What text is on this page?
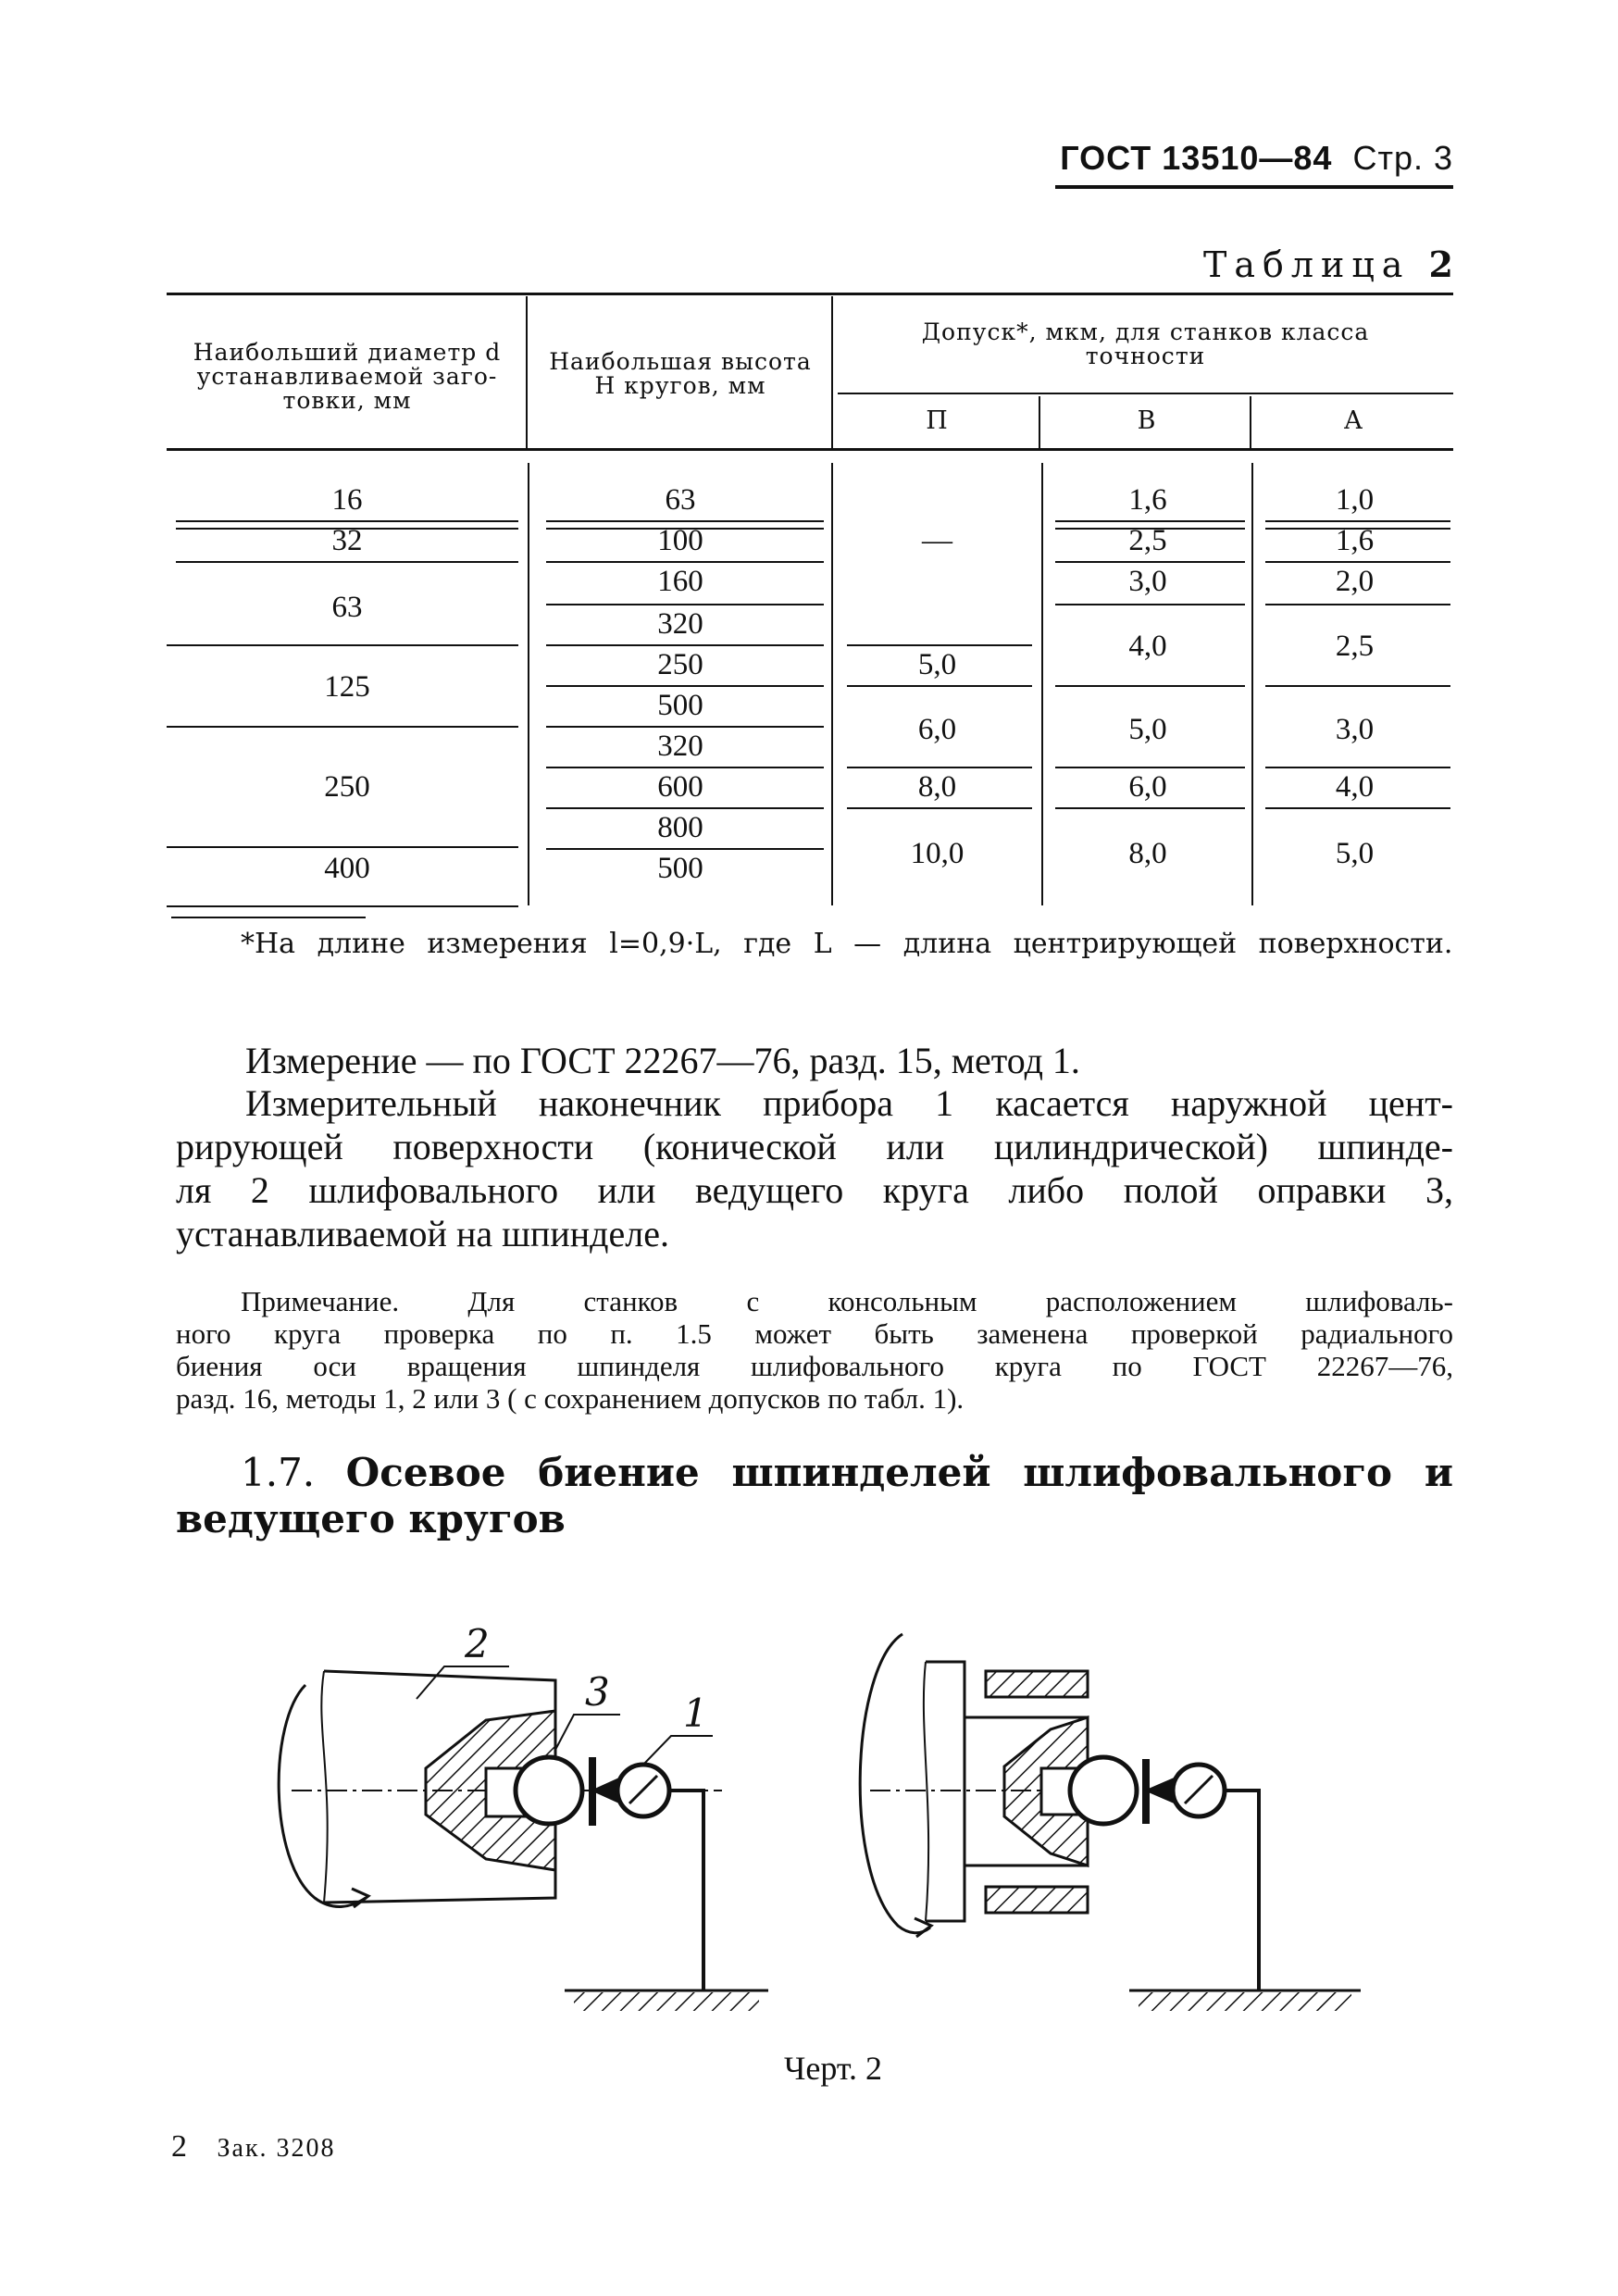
ГОСТ 13510—84 Стр. 3
Таблица 2
Наибольший диаметр d
устанавливаемой заго-
товки, мм
Наибольшая высота
H кругов, мм
Допуск*, мкм, для станков класса
точности
П	В	А
16
32
63
125
250
400
63
100
160
320
250
500
320
600
800
500
—
5,0
6,0
8,0
10,0
1,6
2,5
3,0
4,0
5,0
6,0
8,0
1,0
1,6
2,0
2,5
3,0
4,0
5,0
*На длине измерения l=0,9·L, где L — длина центрирующей поверхности.
Измерение — по ГОСТ 22267—76, разд. 15, метод 1.
Измерительный наконечник прибора 1 касается наружной цент-
рирующей поверхности (конической или цилиндрической) шпинде-
ля 2 шлифовального или ведущего круга либо полой оправки 3,
устанавливаемой на шпинделе.
Примечание. Для станков с консольным расположением шлифоваль-
ного круга проверка по п. 1.5 может быть заменена проверкой радиального
биения оси вращения шпинделя шлифовального круга по ГОСТ 22267—76,
разд. 16, методы 1, 2 или 3 ( с сохранением допусков по табл. 1).
1.7. Осевое биение шпинделей шлифовального и ведущего кругов
2
3 1
Черт. 2
2 Зак. 3208
